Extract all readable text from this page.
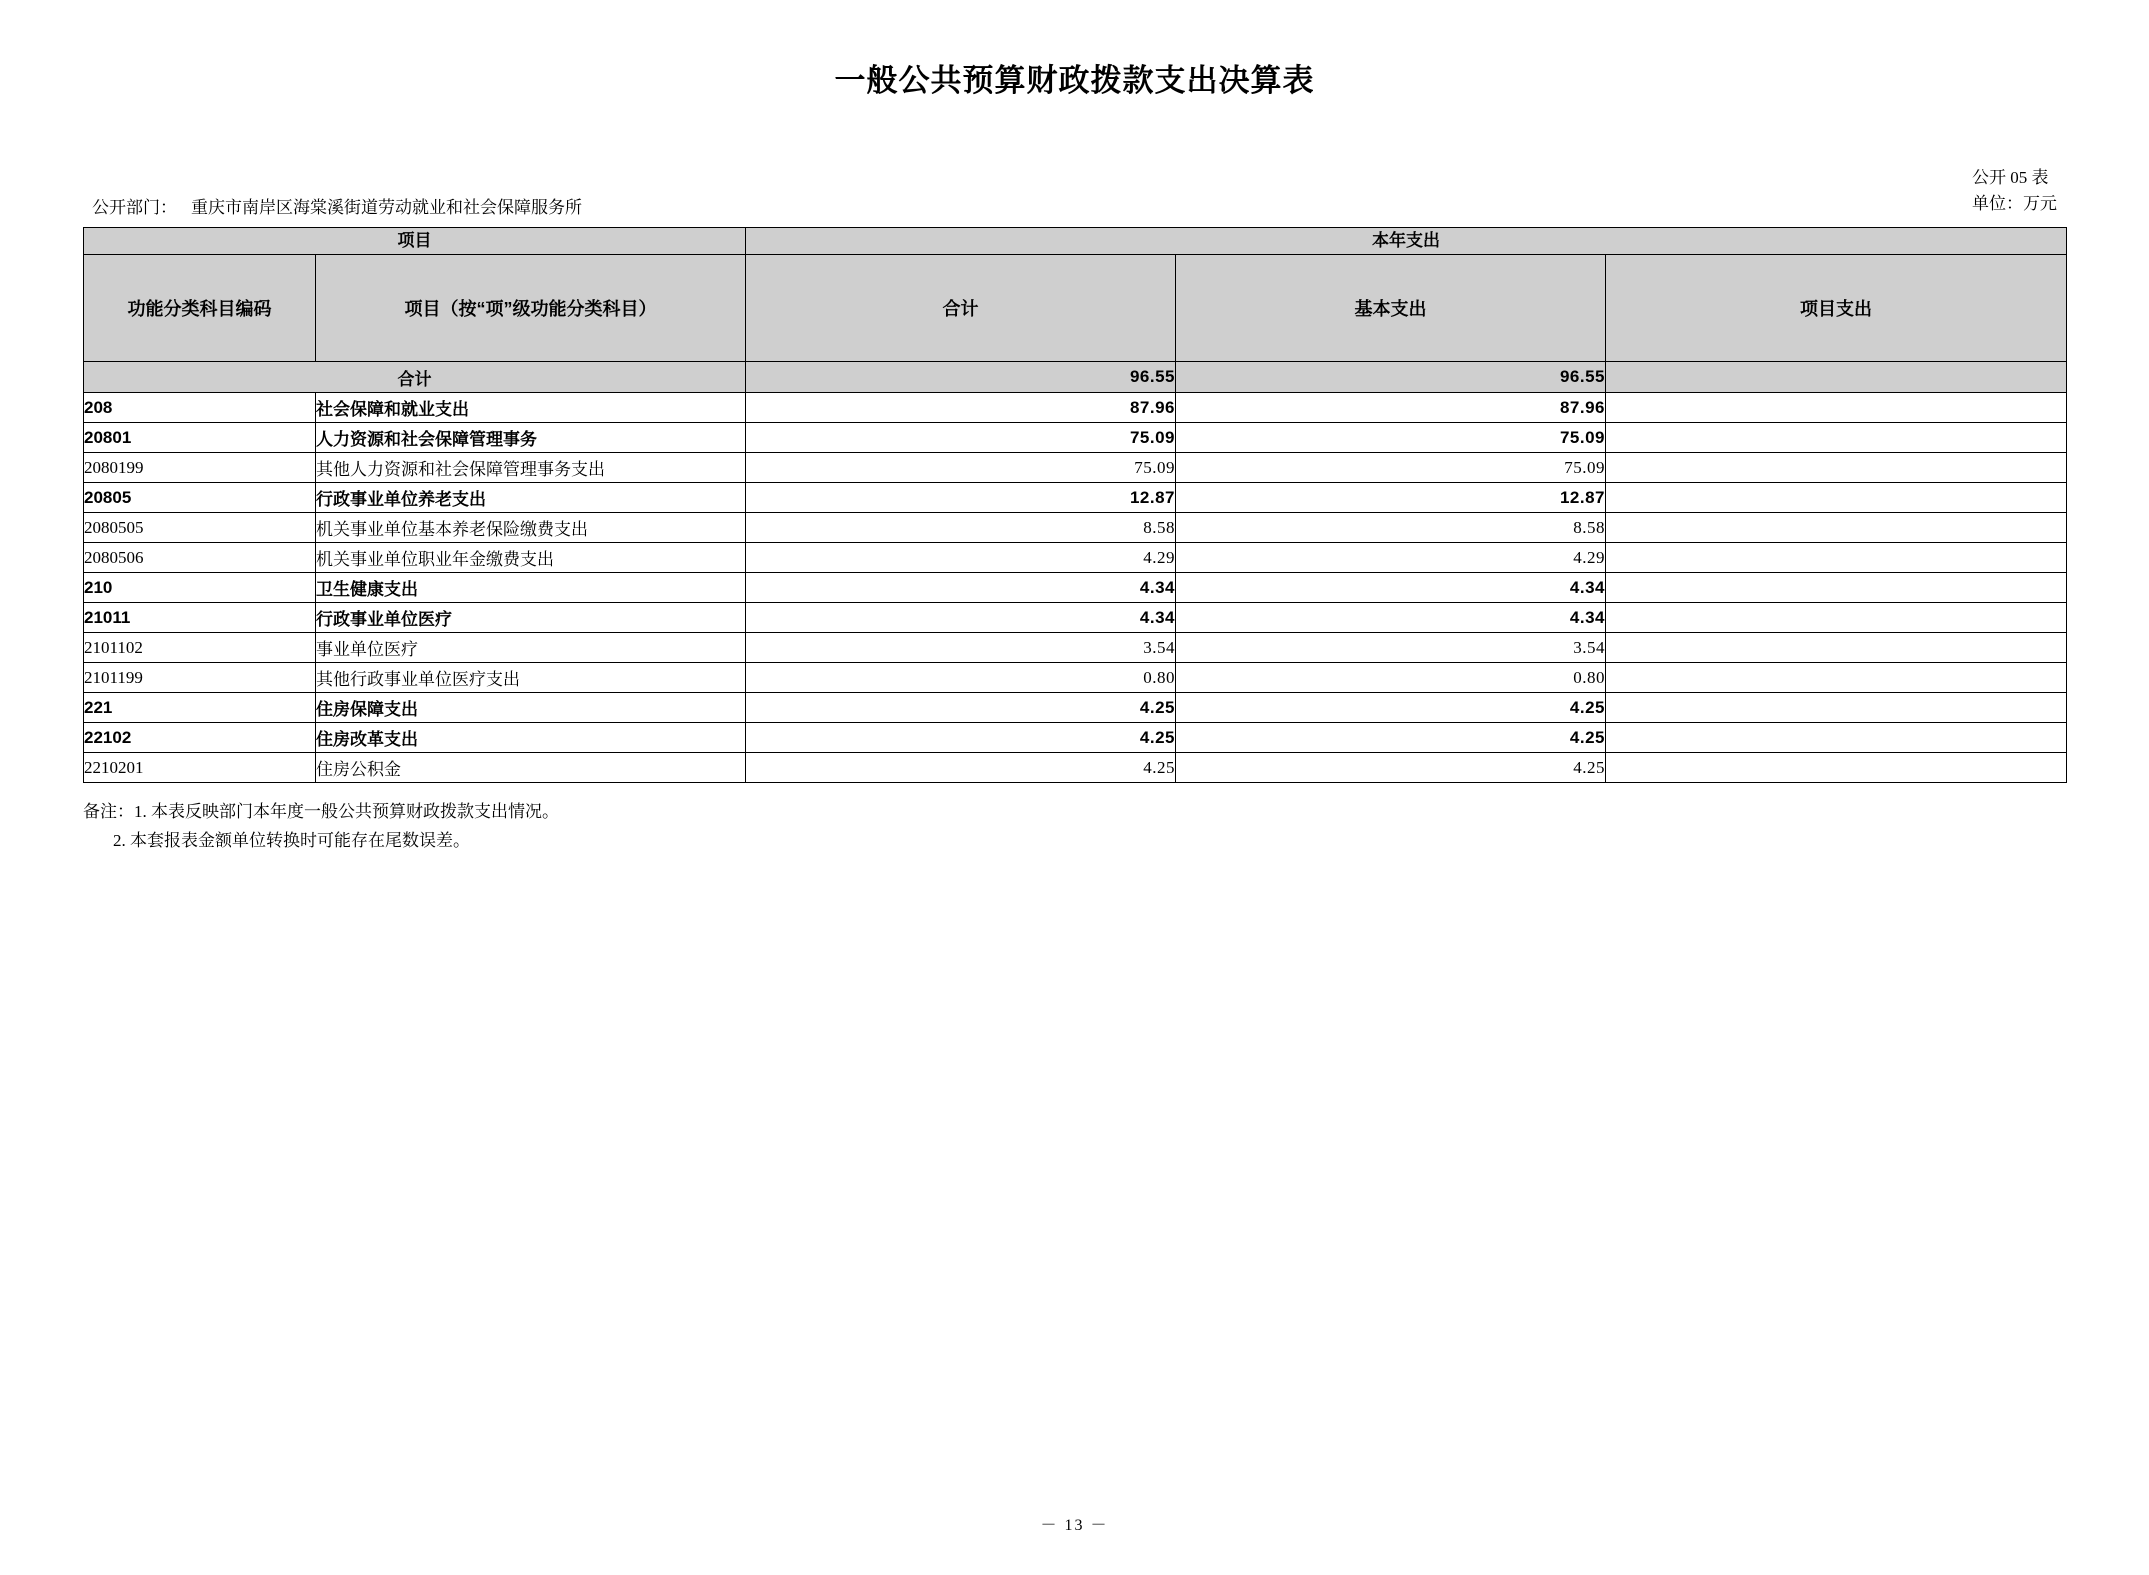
一般公共预算财政拨款支出决算表
公开 05 表
单位：万元
公开部门： 重庆市南岸区海棠溪街道劳动就业和社会保障服务所
项目		本年支出		
功能分类科目编码	项目（按“项”级功能分类科目）	合计	基本支出	项目支出
合计		96.55	96.55	
208	社会保障和就业支出	87.96	87.96	
20801	人力资源和社会保障管理事务	75.09	75.09	
2080199	其他人力资源和社会保障管理事务支出	75.09	75.09	
20805	行政事业单位养老支出	12.87	12.87	
2080505	机关事业单位基本养老保险缴费支出	8.58	8.58	
2080506	机关事业单位职业年金缴费支出	4.29	4.29	
210	卫生健康支出	4.34	4.34	
21011	行政事业单位医疗	4.34	4.34	
2101102	事业单位医疗	3.54	3.54	
2101199	其他行政事业单位医疗支出	0.80	0.80	
221	住房保障支出	4.25	4.25	
22102	住房改革支出	4.25	4.25	
2210201	住房公积金	4.25	4.25	
备注：1. 本表反映部门本年度一般公共预算财政拨款支出情况。
2. 本套报表金额单位转换时可能存在尾数误差。
－ 13 －
